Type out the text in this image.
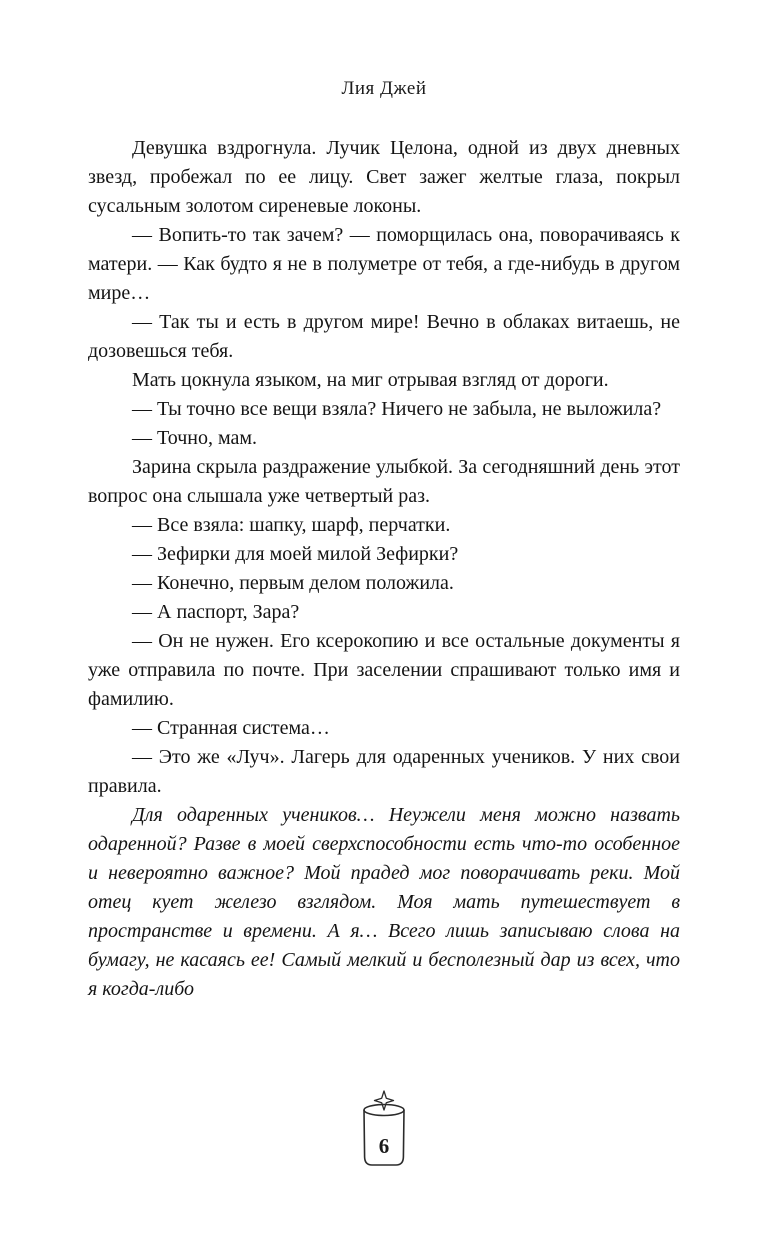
Лия Джей

Девушка вздрогнула. Лучик Целона, одной из двух дневных звезд, пробежал по ее лицу. Свет зажег желтые глаза, покрыл сусальным золотом сиреневые локоны.

— Вопить-то так зачем? — поморщилась она, поворачиваясь к матери. — Как будто я не в полуметре от тебя, а где-нибудь в другом мире…

— Так ты и есть в другом мире! Вечно в облаках витаешь, не дозовешься тебя.

Мать цокнула языком, на миг отрывая взгляд от дороги.

— Ты точно все вещи взяла? Ничего не забыла, не выложила?

— Точно, мам.

Зарина скрыла раздражение улыбкой. За сегодняшний день этот вопрос она слышала уже четвертый раз.

— Все взяла: шапку, шарф, перчатки.

— Зефирки для моей милой Зефирки?

— Конечно, первым делом положила.

— А паспорт, Зара?

— Он не нужен. Его ксерокопию и все остальные документы я уже отправила по почте. При заселении спрашивают только имя и фамилию.

— Странная система…

— Это же «Луч». Лагерь для одаренных учеников. У них свои правила.

Для одаренных учеников… Неужели меня можно назвать одаренной? Разве в моей сверхспособности есть что-то особенное и невероятно важное? Мой прадед мог поворачивать реки. Мой отец кует железо взглядом. Моя мать путешествует в пространстве и времени. А я… Всего лишь записываю слова на бумагу, не касаясь ее! Самый мелкий и бесполезный дар из всех, что я когда-либо

6
